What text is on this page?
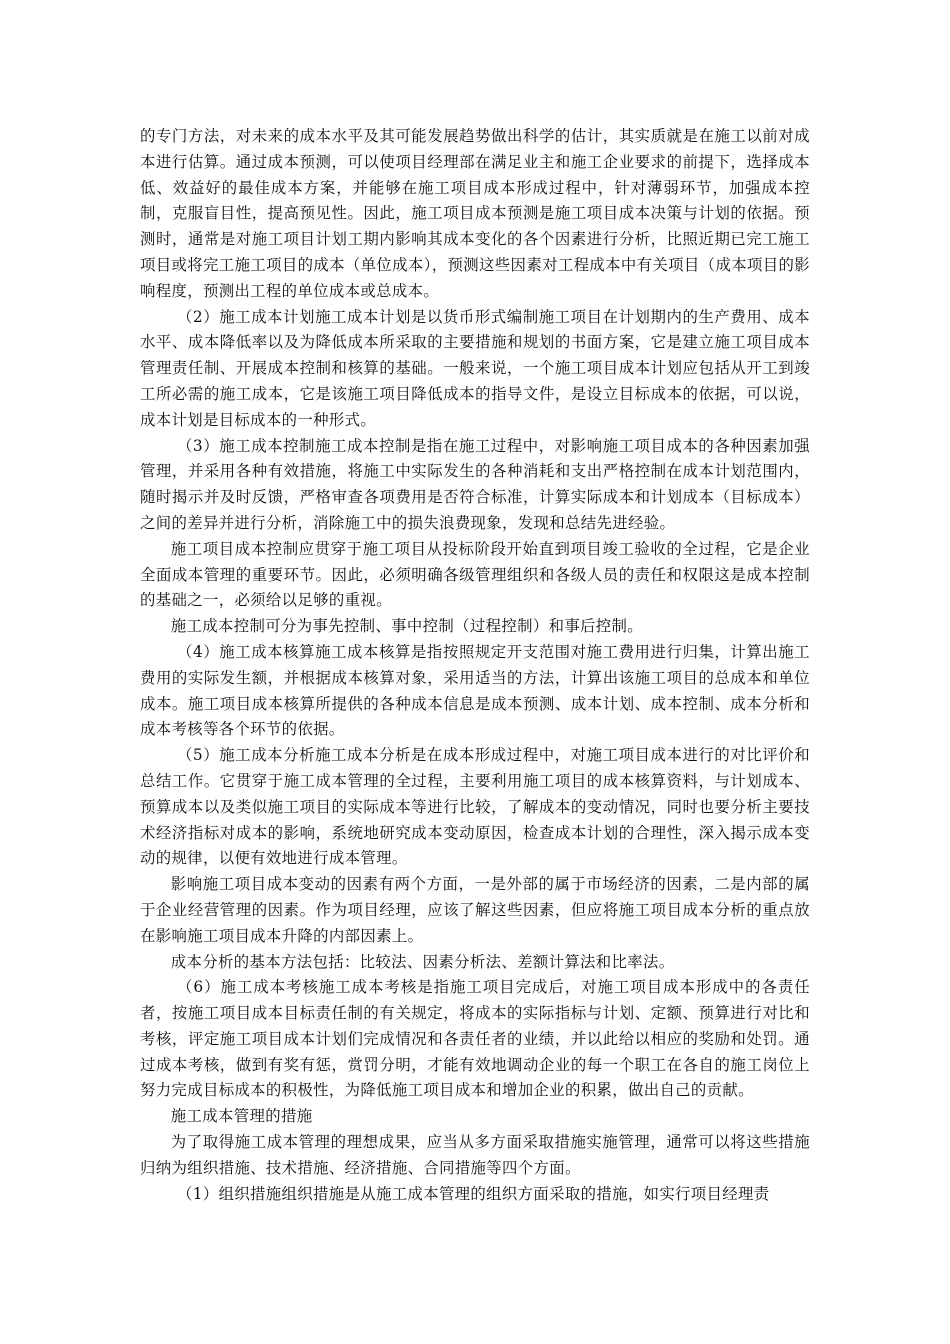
的专门方法，对未来的成本水平及其可能发展趋势做出科学的估计，其实质就是在施工以前对成本进行估算。通过成本预测，可以使项目经理部在满足业主和施工企业要求的前提下，选择成本低、效益好的最佳成本方案，并能够在施工项目成本形成过程中，针对薄弱环节，加强成本控制，克服盲目性，提高预见性。因此，施工项目成本预测是施工项目成本决策与计划的依据。预测时，通常是对施工项目计划工期内影响其成本变化的各个因素进行分析，比照近期已完工施工项目或将完工施工项目的成本（单位成本），预测这些因素对工程成本中有关项目（成本项目的影响程度，预测出工程的单位成本或总成本。

（2）施工成本计划施工成本计划是以货币形式编制施工项目在计划期内的生产费用、成本水平、成本降低率以及为降低成本所采取的主要措施和规划的书面方案，它是建立施工项目成本管理责任制、开展成本控制和核算的基础。一般来说，一个施工项目成本计划应包括从开工到竣工所必需的施工成本，它是该施工项目降低成本的指导文件，是设立目标成本的依据，可以说，成本计划是目标成本的一种形式。

（3）施工成本控制施工成本控制是指在施工过程中，对影响施工项目成本的各种因素加强管理，并采用各种有效措施，将施工中实际发生的各种消耗和支出严格控制在成本计划范围内，随时揭示并及时反馈，严格审查各项费用是否符合标准，计算实际成本和计划成本（目标成本）之间的差异并进行分析，消除施工中的损失浪费现象，发现和总结先进经验。

施工项目成本控制应贯穿于施工项目从投标阶段开始直到项目竣工验收的全过程，它是企业全面成本管理的重要环节。因此，必须明确各级管理组织和各级人员的责任和权限这是成本控制的基础之一，必须给以足够的重视。

施工成本控制可分为事先控制、事中控制（过程控制）和事后控制。

（4）施工成本核算施工成本核算是指按照规定开支范围对施工费用进行归集，计算出施工费用的实际发生额，并根据成本核算对象，采用适当的方法，计算出该施工项目的总成本和单位成本。施工项目成本核算所提供的各种成本信息是成本预测、成本计划、成本控制、成本分析和成本考核等各个环节的依据。

（5）施工成本分析施工成本分析是在成本形成过程中，对施工项目成本进行的对比评价和总结工作。它贯穿于施工成本管理的全过程，主要利用施工项目的成本核算资料，与计划成本、预算成本以及类似施工项目的实际成本等进行比较，了解成本的变动情况，同时也要分析主要技术经济指标对成本的影响，系统地研究成本变动原因，检查成本计划的合理性，深入揭示成本变动的规律，以便有效地进行成本管理。

影响施工项目成本变动的因素有两个方面，一是外部的属于市场经济的因素，二是内部的属于企业经营管理的因素。作为项目经理，应该了解这些因素，但应将施工项目成本分析的重点放在影响施工项目成本升降的内部因素上。

成本分析的基本方法包括：比较法、因素分析法、差额计算法和比率法。

（6）施工成本考核施工成本考核是指施工项目完成后，对施工项目成本形成中的各责任者，按施工项目成本目标责任制的有关规定，将成本的实际指标与计划、定额、预算进行对比和考核，评定施工项目成本计划们完成情况和各责任者的业绩，并以此给以相应的奖励和处罚。通过成本考核，做到有奖有惩，赏罚分明，才能有效地调动企业的每一个职工在各自的施工岗位上努力完成目标成本的积极性，为降低施工项目成本和增加企业的积累，做出自己的贡献。

施工成本管理的措施

为了取得施工成本管理的理想成果，应当从多方面采取措施实施管理，通常可以将这些措施归纳为组织措施、技术措施、经济措施、合同措施等四个方面。

（1）组织措施组织措施是从施工成本管理的组织方面采取的措施，如实行项目经理责
